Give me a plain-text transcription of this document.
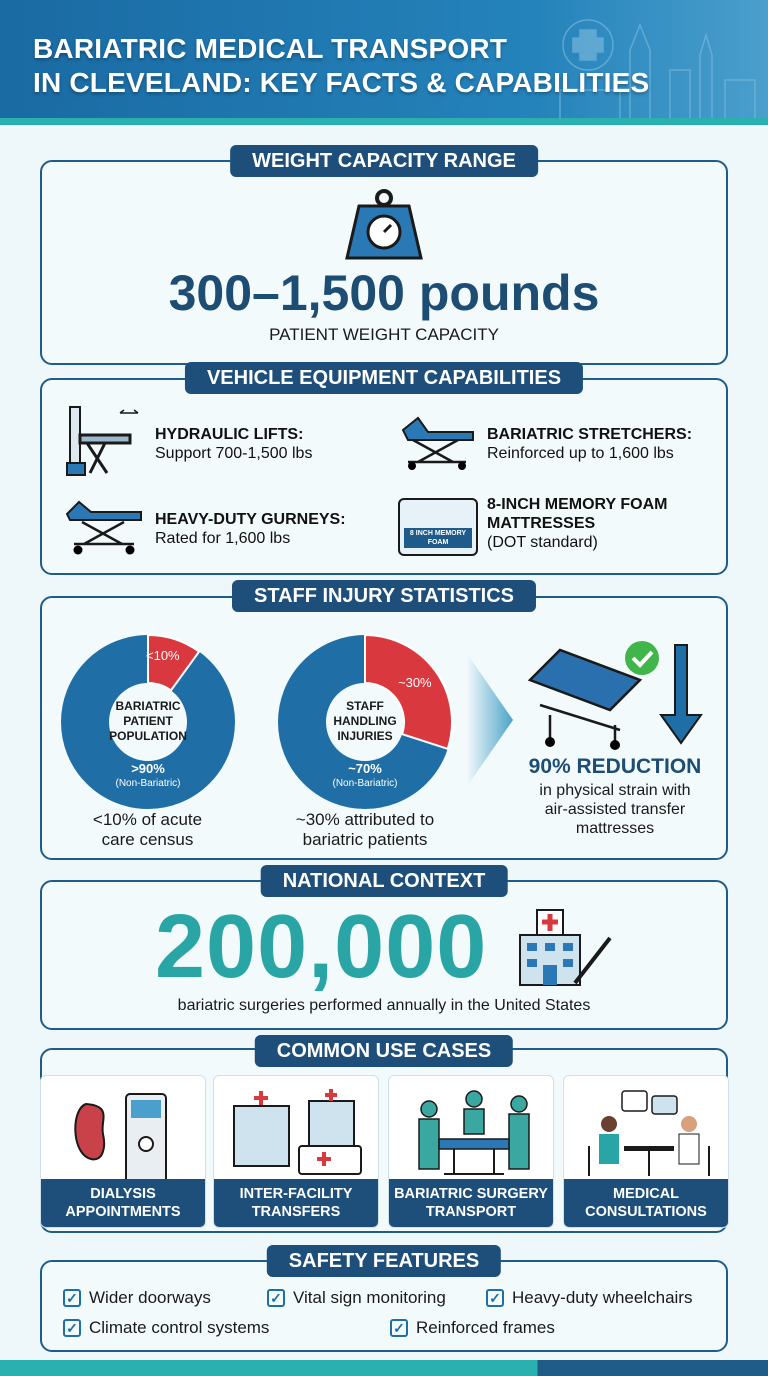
BARIATRIC MEDICAL TRANSPORT
IN CLEVELAND: KEY FACTS & CAPABILITIES
WEIGHT CAPACITY RANGE
300–1,500 pounds
PATIENT WEIGHT CAPACITY
VEHICLE EQUIPMENT CAPABILITIES
HYDRAULIC LIFTS:
Support 700-1,500 lbs
BARIATRIC STRETCHERS:
Reinforced up to 1,600 lbs
HEAVY-DUTY GURNEYS:
Rated for 1,600 lbs	8 INCH MEMORY FOAM
8-INCH MEMORY FOAM MATTRESSES
(DOT standard)
STAFF INJURY STATISTICS
BARIATRIC
PATIENT
POPULATION
<10%
>90%
(Non-Bariatric)
<10% of acute
care census
STAFF
HANDLING
INJURIES
~30%
~70%
(Non-Bariatric)
~30% attributed to
bariatric patients
90% REDUCTION
in physical strain with
air-assisted transfer
mattresses
NATIONAL CONTEXT
200,000
bariatric surgeries performed annually in the United States
COMMON USE CASES
DIALYSIS
APPOINTMENTS
INTER-FACILITY
TRANSFERS
BARIATRIC SURGERY
TRANSPORT
MEDICAL
CONSULTATIONS
SAFETY FEATURES
✓ Wider doorways	✓ Vital sign monitoring	✓ Heavy-duty wheelchairs
✓ Climate control systems	✓ Reinforced frames
